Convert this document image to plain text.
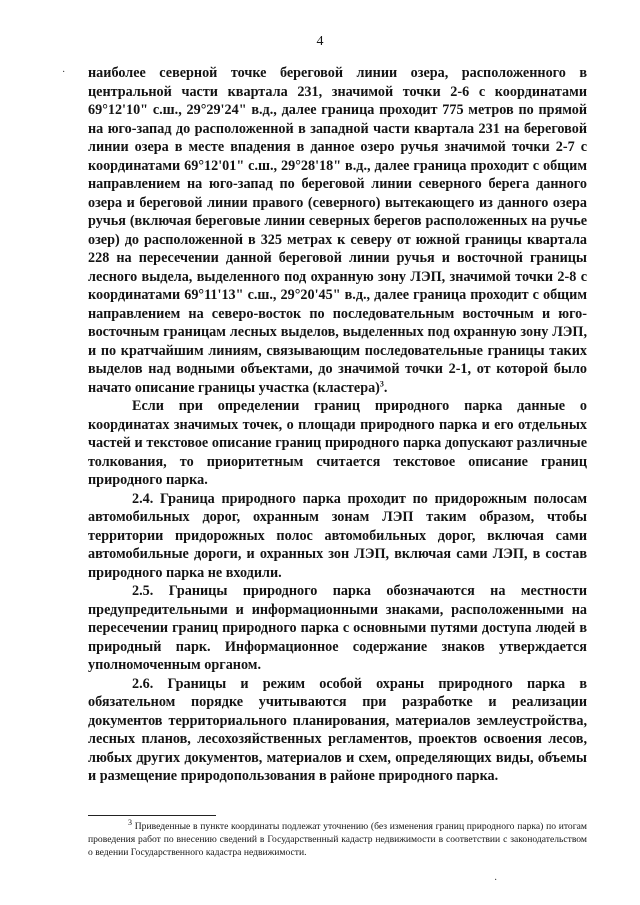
4
· наиболее северной точке береговой линии озера, расположенного в центральной части квартала 231, значимой точки 2-6 с координатами 69°12'10" с.ш., 29°29'24" в.д., далее граница проходит 775 метров по прямой на юго-запад до расположенной в западной части квартала 231 на береговой линии озера в месте впадения в данное озеро ручья значимой точки 2-7 с координатами 69°12'01" с.ш., 29°28'18" в.д., далее граница проходит с общим направлением на юго-запад по береговой линии северного берега данного озера и береговой линии правого (северного) вытекающего из данного озера ручья (включая береговые линии северных берегов расположенных на ручье озер) до расположенной в 325 метрах к северу от южной границы квартала 228 на пересечении данной береговой линии ручья и восточной границы лесного выдела, выделенного под охранную зону ЛЭП, значимой точки 2-8 с координатами 69°11'13" с.ш., 29°20'45" в.д., далее граница проходит с общим направлением на северо-восток по последовательным восточным и юго-восточным границам лесных выделов, выделенных под охранную зону ЛЭП, и по кратчайшим линиям, связывающим последовательные границы таких выделов над водными объектами, до значимой точки 2-1, от которой было начато описание границы участка (кластера)$^3$.

Если при определении границ природного парка данные о координатах значимых точек, о площади природного парка и его отдельных частей и текстовое описание границ природного парка допускают различные толкования, то приоритетным считается текстовое описание границ природного парка.

2.4. Граница природного парка проходит по придорожным полосам автомобильных дорог, охранным зонам ЛЭП таким образом, чтобы территории придорожных полос автомобильных дорог, включая сами автомобильные дороги, и охранных зон ЛЭП, включая сами ЛЭП, в состав природного парка не входили.

2.5. Границы природного парка обозначаются на местности предупредительными и информационными знаками, расположенными на пересечении границ природного парка с основными путями доступа людей в природный парк. Информационное содержание знаков утверждается уполномоченным органом.

2.6. Границы и режим особой охраны природного парка в обязательном порядке учитываются при разработке и реализации документов территориального планирования, материалов землеустройства, лесных планов, лесохозяйственных регламентов, проектов освоения лесов, любых других документов, материалов и схем, определяющих виды, объемы и размещение природопользования в районе природного парка.

$^3$ Приведенные в пункте координаты подлежат уточнению (без изменения границ природного парка) по итогам проведения работ по внесению сведений в Государственный кадастр недвижимости в соответствии с законодательством о ведении Государственного кадастра недвижимости.

·
